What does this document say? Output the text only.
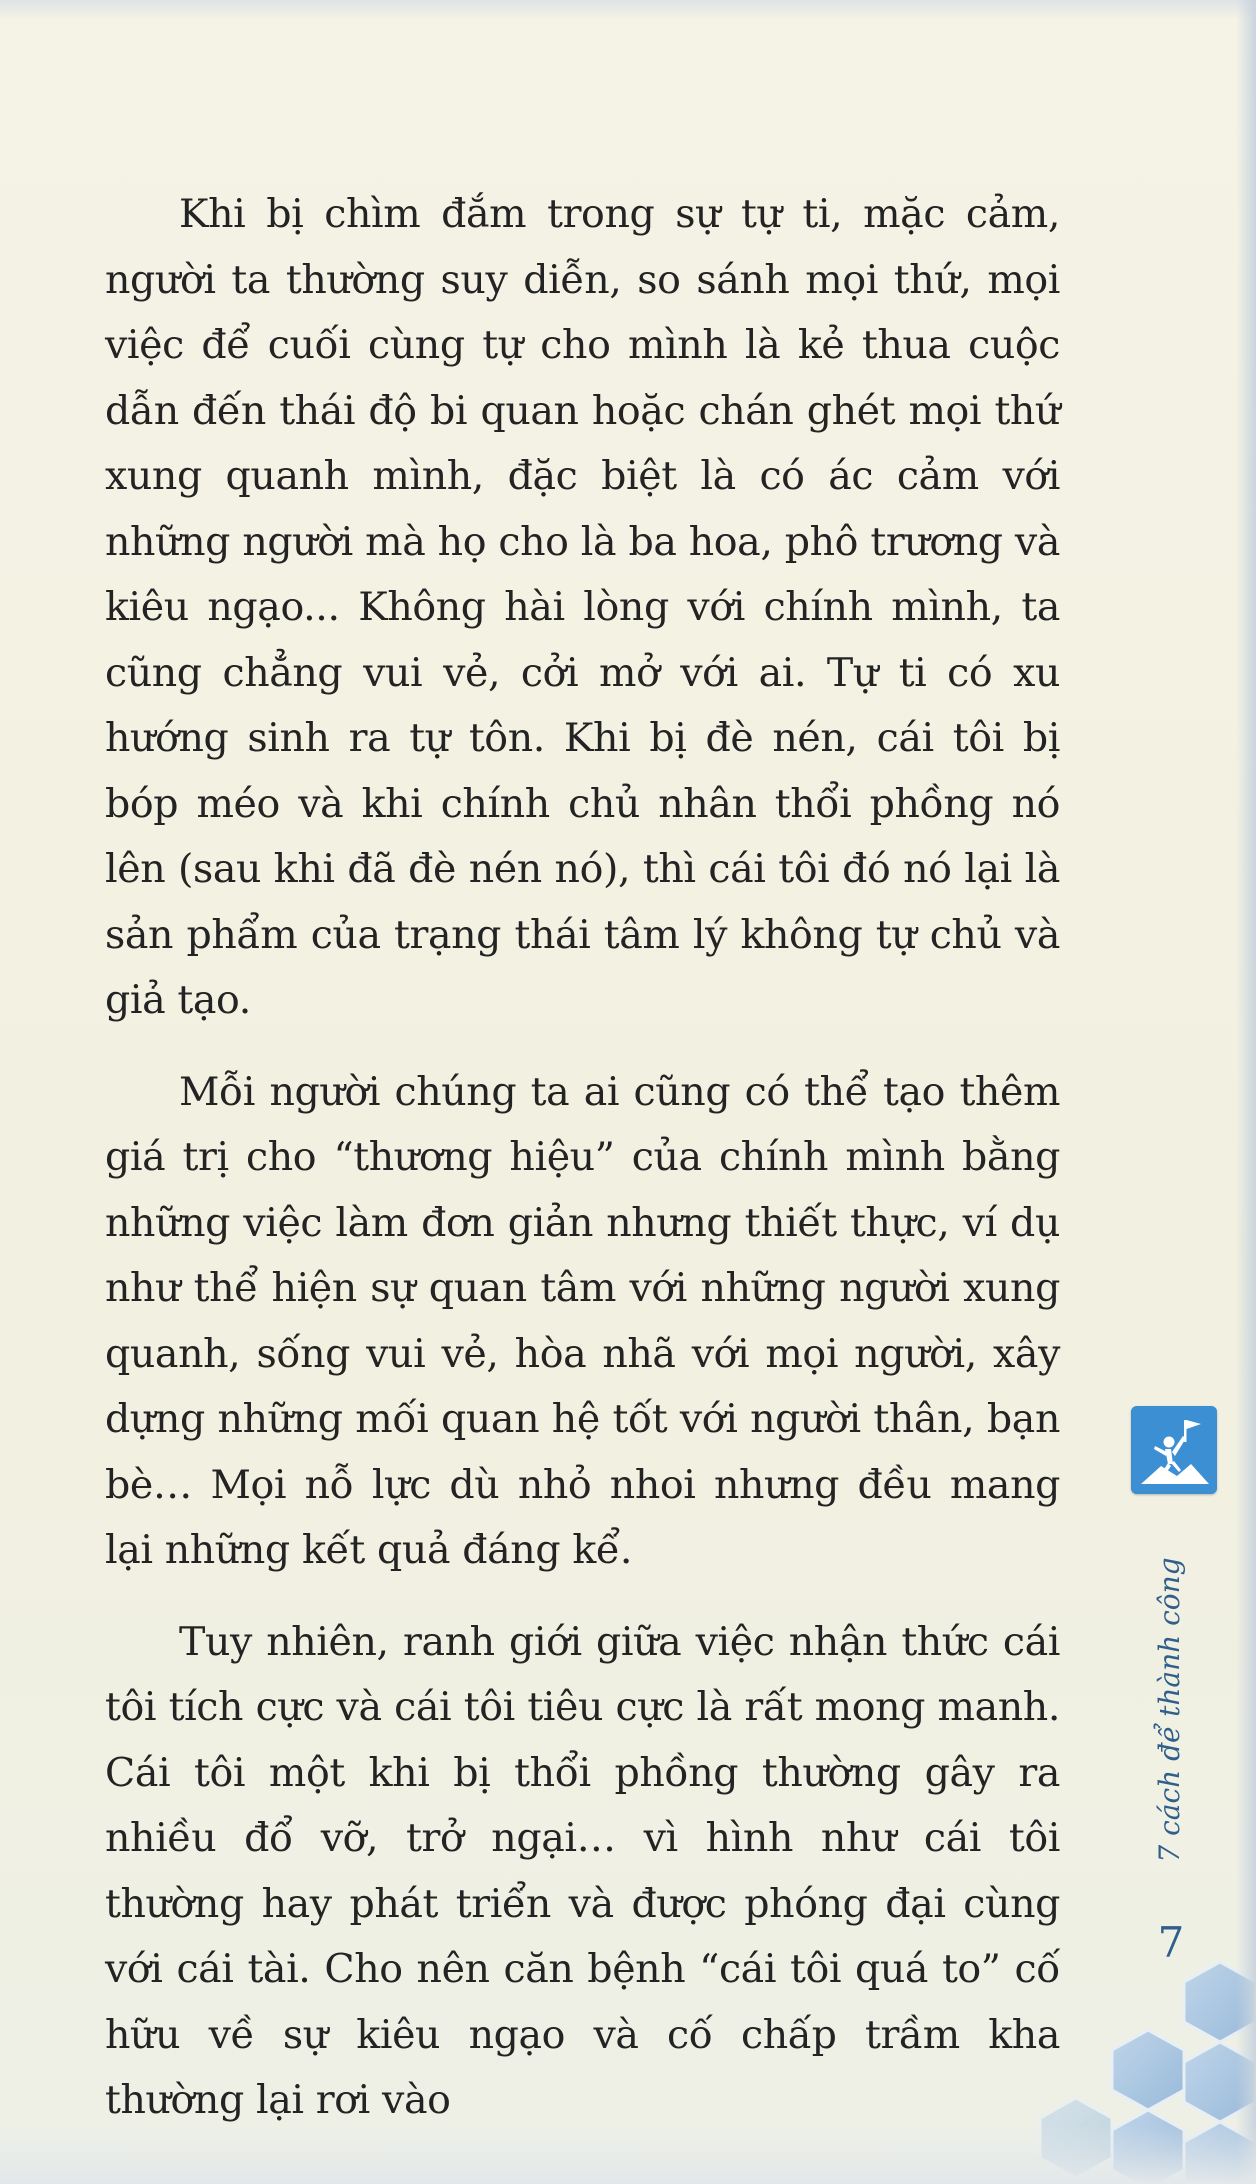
Khi bị chìm đắm trong sự tự ti, mặc cảm, người ta thường suy diễn, so sánh mọi thứ, mọi việc để cuối cùng tự cho mình là kẻ thua cuộc dẫn đến thái độ bi quan hoặc chán ghét mọi thứ xung quanh mình, đặc biệt là có ác cảm với những người mà họ cho là ba hoa, phô trương và kiêu ngạo... Không hài lòng với chính mình, ta cũng chẳng vui vẻ, cởi mở với ai. Tự ti có xu hướng sinh ra tự tôn. Khi bị đè nén, cái tôi bị bóp méo và khi chính chủ nhân thổi phồng nó lên (sau khi đã đè nén nó), thì cái tôi đó nó lại là sản phẩm của trạng thái tâm lý không tự chủ và giả tạo.

Mỗi người chúng ta ai cũng có thể tạo thêm giá trị cho “thương hiệu” của chính mình bằng những việc làm đơn giản nhưng thiết thực, ví dụ như thể hiện sự quan tâm với những người xung quanh, sống vui vẻ, hòa nhã với mọi người, xây dựng những mối quan hệ tốt với người thân, bạn bè… Mọi nỗ lực dù nhỏ nhoi nhưng đều mang lại những kết quả đáng kể.

Tuy nhiên, ranh giới giữa việc nhận thức cái tôi tích cực và cái tôi tiêu cực là rất mong manh. Cái tôi một khi bị thổi phồng thường gây ra nhiều đổ vỡ, trở ngại… vì hình như cái tôi thường hay phát triển và được phóng đại cùng với cái tài. Cho nên căn bệnh “cái tôi quá to” cố hữu về sự kiêu ngạo và cố chấp trầm kha thường lại rơi vào

7 cách để thành công
7
